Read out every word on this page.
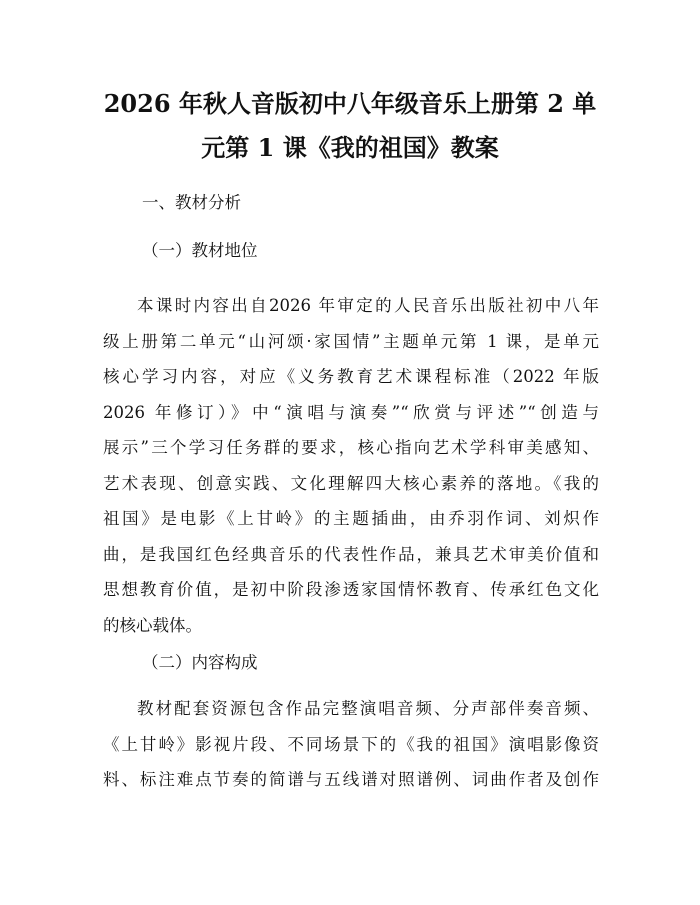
2026 年秋人音版初中八年级音乐上册第 2 单
元第 1 课《我的祖国》教案

一、教材分析

（一）教材地位

本课时内容出自2026 年审定的人民音乐出版社初中八年
级上册第二单元“山河颂·家国情”主题单元第 1 课，是单元
核心学习内容，对应《义务教育艺术课程标准（2022 年版
2026 年修订）》中“演唱与演奏”“欣赏与评述”“创造与
展示”三个学习任务群的要求，核心指向艺术学科审美感知、
艺术表现、创意实践、文化理解四大核心素养的落地。《我的
祖国》是电影《上甘岭》的主题插曲，由乔羽作词、刘炽作
曲，是我国红色经典音乐的代表性作品，兼具艺术审美价值和
思想教育价值，是初中阶段渗透家国情怀教育、传承红色文化
的核心载体。

（二）内容构成

教材配套资源包含作品完整演唱音频、分声部伴奏音频、
《上甘岭》影视片段、不同场景下的《我的祖国》演唱影像资
料、标注难点节奏的简谱与五线谱对照谱例、词曲作者及创作
